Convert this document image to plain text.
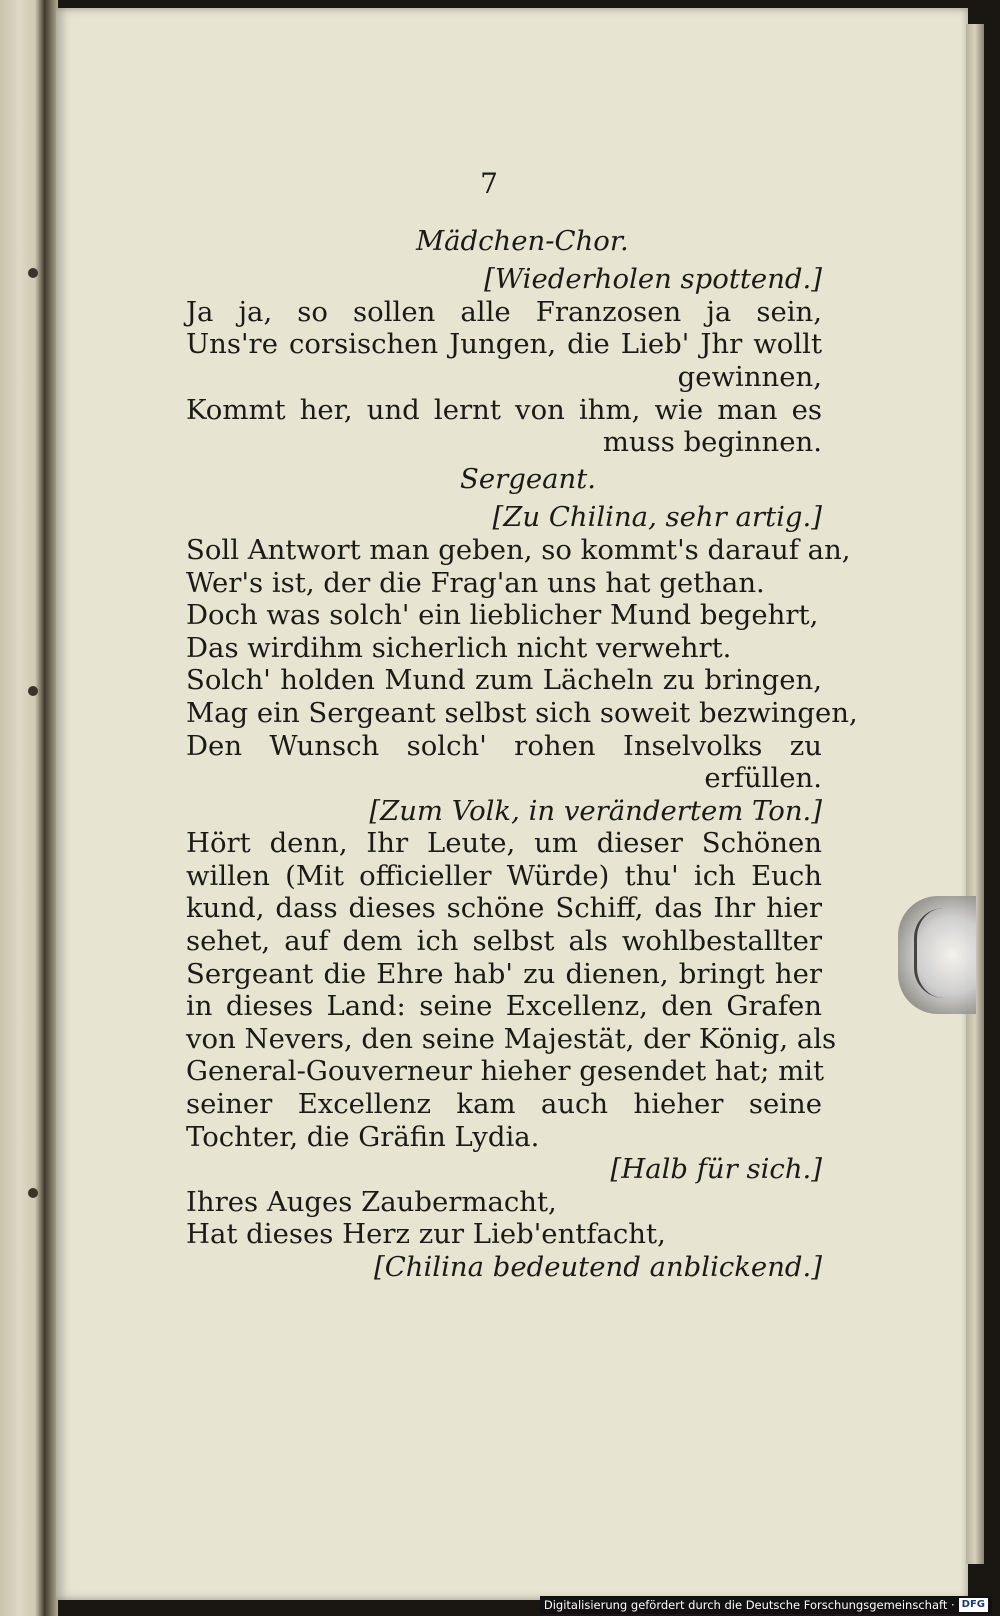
7
Mädchen-Chor.
[Wiederholen spottend.]
Ja ja, so sollen alle Franzosen ja sein,
Uns're corsischen Jungen, die Lieb' Jhr wollt
gewinnen,
Kommt her, und lernt von ihm, wie man es
muss beginnen.
Sergeant.
[Zu Chilina, sehr artig.]
Soll Antwort man geben, so kommt's darauf an,
Wer's ist, der die Frag'an uns hat gethan.
Doch was solch' ein lieblicher Mund begehrt,
Das wirdihm sicherlich nicht verwehrt.
Solch' holden Mund zum Lächeln zu bringen,
Mag ein Sergeant selbst sich soweit bezwingen,
Den Wunsch solch' rohen Inselvolks zu
erfüllen.
[Zum Volk, in verändertem Ton.]
Hört denn, Ihr Leute, um dieser Schönen
willen (Mit officieller Würde) thu' ich Euch
kund, dass dieses schöne Schiff, das Ihr hier
sehet, auf dem ich selbst als wohlbestallter
Sergeant die Ehre hab' zu dienen, bringt her
in dieses Land: seine Excellenz, den Grafen
von Nevers, den seine Majestät, der König, als
General-Gouverneur hieher gesendet hat; mit
seiner Excellenz kam auch hieher seine
Tochter, die Gräfin Lydia.
[Halb für sich.]
Ihres Auges Zaubermacht,
Hat dieses Herz zur Lieb'entfacht,
[Chilina bedeutend anblickend.]
Digitalisierung gefördert durch die Deutsche Forschungsgemeinschaft · DFG
